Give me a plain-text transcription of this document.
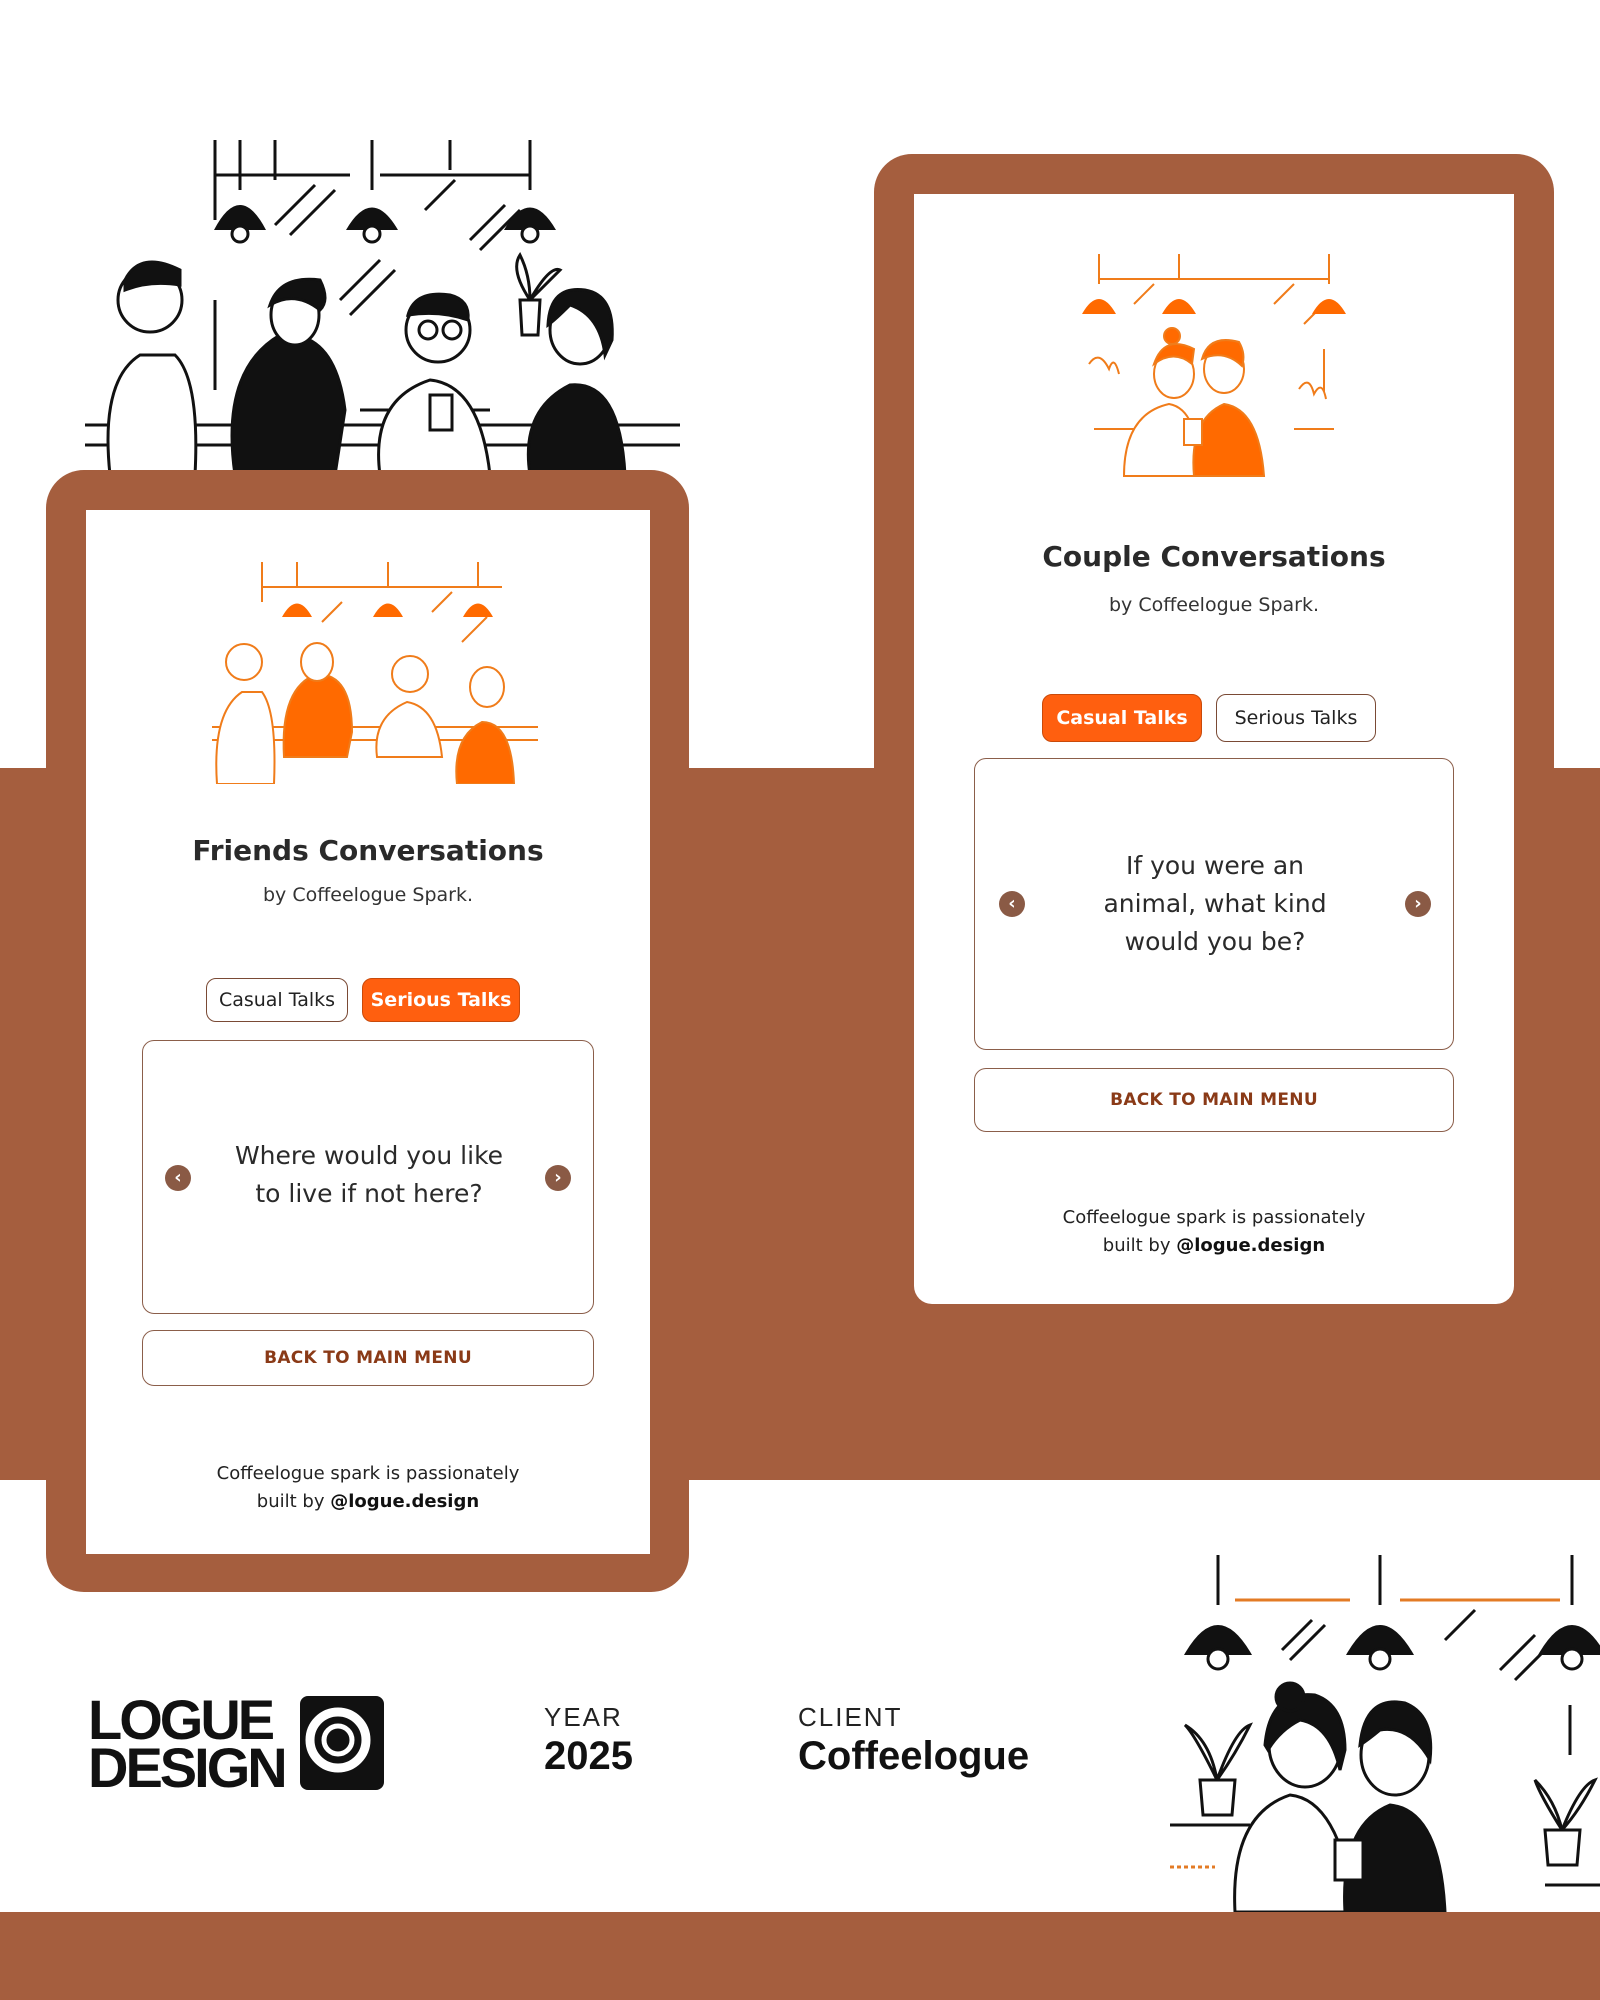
Friends Conversations
by Coffeelogue Spark.
Casual Talks	Serious Talks
‹
Where would you like to live if not here?
›
BACK TO MAIN MENU
Coffeelogue spark is passionately
built by @logue.design
Couple Conversations
by Coffeelogue Spark.
Casual Talks	Serious Talks
‹
If you were an animal, what kind would you be?
›
BACK TO MAIN MENU
Coffeelogue spark is passionately
built by @logue.design
LOGUE
DESIGN
YEAR
2025
CLIENT
Coffeelogue
